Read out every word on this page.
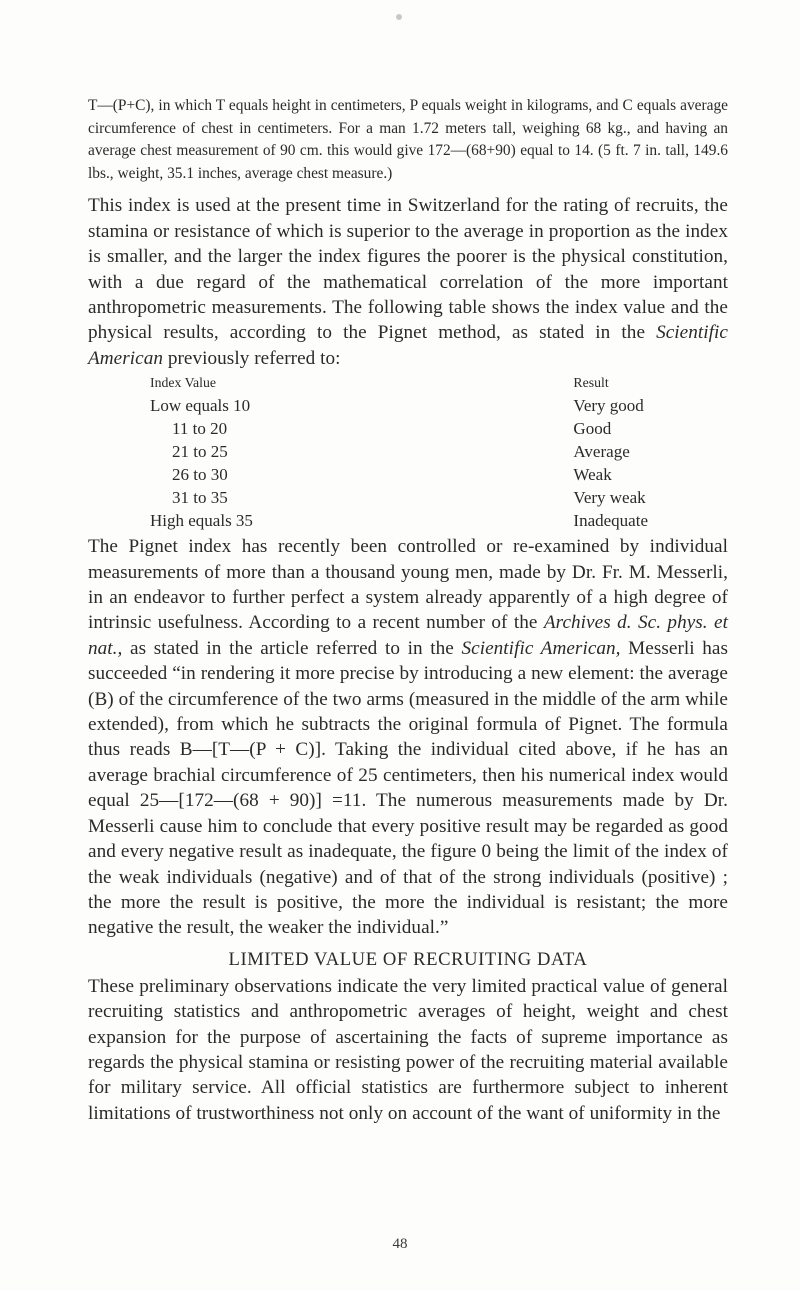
T—(P+C), in which T equals height in centimeters, P equals weight in kilograms, and C equals average circumference of chest in centimeters. For a man 1.72 meters tall, weighing 68 kg., and having an average chest measurement of 90 cm. this would give 172—(68+90) equal to 14. (5 ft. 7 in. tall, 149.6 lbs., weight, 35.1 inches, average chest measure.)

This index is used at the present time in Switzerland for the rating of recruits, the stamina or resistance of which is superior to the average in proportion as the index is smaller, and the larger the index figures the poorer is the physical constitution, with a due regard of the mathematical correlation of the more important anthropometric measurements. The following table shows the index value and the physical results, according to the Pignet method, as stated in the Scientific American previously referred to:

Index Value	Result
Low equals 10	Very good
11 to 20	Good
21 to 25	Average
26 to 30	Weak
31 to 35	Very weak
High equals 35	Inadequate

The Pignet index has recently been controlled or re-examined by individual measurements of more than a thousand young men, made by Dr. Fr. M. Messerli, in an endeavor to further perfect a system already apparently of a high degree of intrinsic usefulness. According to a recent number of the Archives d. Sc. phys. et nat., as stated in the article referred to in the Scientific American, Messerli has succeeded “in rendering it more precise by introducing a new element: the average (B) of the circumference of the two arms (measured in the middle of the arm while extended), from which he subtracts the original formula of Pignet. The formula thus reads B—[T—(P + C)]. Taking the individual cited above, if he has an average brachial circumference of 25 centimeters, then his numerical index would equal 25—[172—(68 + 90)] =11. The numerous measurements made by Dr. Messerli cause him to conclude that every positive result may be regarded as good and every negative result as inadequate, the figure 0 being the limit of the index of the weak individuals (negative) and of that of the strong individuals (positive) ; the more the result is positive, the more the individual is resistant; the more negative the result, the weaker the individual.”

LIMITED VALUE OF RECRUITING DATA

These preliminary observations indicate the very limited practical value of general recruiting statistics and anthropometric averages of height, weight and chest expansion for the purpose of ascertaining the facts of supreme importance as regards the physical stamina or resisting power of the recruiting material available for military service. All official statistics are furthermore subject to inherent limitations of trustworthiness not only on account of the want of uniformity in the

48
